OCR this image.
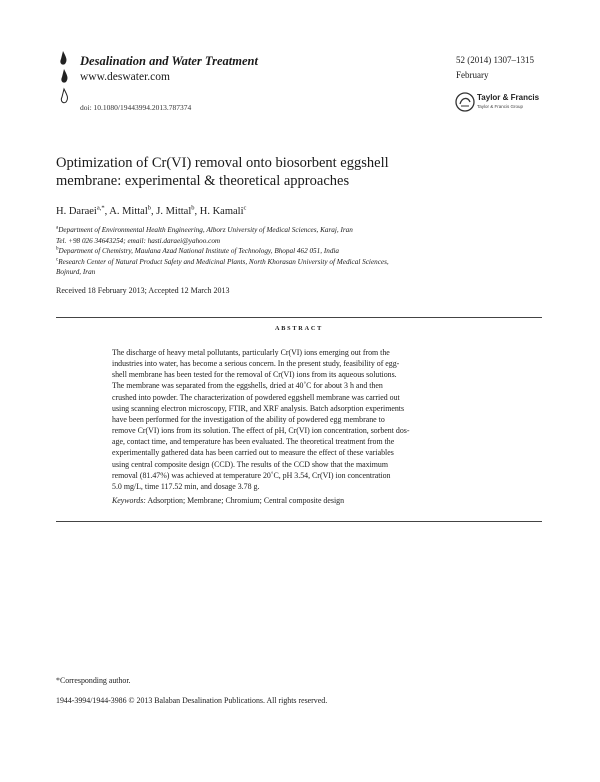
Desalination and Water Treatment
www.deswater.com
doi: 10.1080/19443994.2013.787374
52 (2014) 1307–1315
February
Taylor & Francis
Taylor & Francis Group
Optimization of Cr(VI) removal onto biosorbent eggshell
membrane: experimental & theoretical approaches
H. Daraei$^{a,*}$, A. Mittal$^b$, J. Mittal$^b$, H. Kamali$^c$
$^a$Department of Environmental Health Engineering, Alborz University of Medical Sciences, Karaj, Iran
Tel. +98 026 34643254; email: hasti.daraei@yahoo.com
$^b$Department of Chemistry, Maulana Azad National Institute of Technology, Bhopal 462 051, India
$^c$Research Center of Natural Product Safety and Medicinal Plants, North Khorasan University of Medical Sciences,
Bojnurd, Iran
Received 18 February 2013; Accepted 12 March 2013
ABSTRACT
The discharge of heavy metal pollutants, particularly Cr(VI) ions emerging out from the
industries into water, has become a serious concern. In the present study, feasibility of egg-
shell membrane has been tested for the removal of Cr(VI) ions from its aqueous solutions.
The membrane was separated from the eggshells, dried at 40˚C for about 3 h and then
crushed into powder. The characterization of powdered eggshell membrane was carried out
using scanning electron microscopy, FTIR, and XRF analysis. Batch adsorption experiments
have been performed for the investigation of the ability of powdered egg membrane to
remove Cr(VI) ions from its solution. The effect of pH, Cr(VI) ion concentration, sorbent dos-
age, contact time, and temperature has been evaluated. The theoretical treatment from the
experimentally gathered data has been carried out to measure the effect of these variables
using central composite design (CCD). The results of the CCD show that the maximum
removal (81.47%) was achieved at temperature 20˚C, pH 3.54, Cr(VI) ion concentration
5.0 mg/L, time 117.52 min, and dosage 3.78 g.
Keywords: Adsorption; Membrane; Chromium; Central composite design
*Corresponding author.
1944-3994/1944-3986 © 2013 Balaban Desalination Publications. All rights reserved.
